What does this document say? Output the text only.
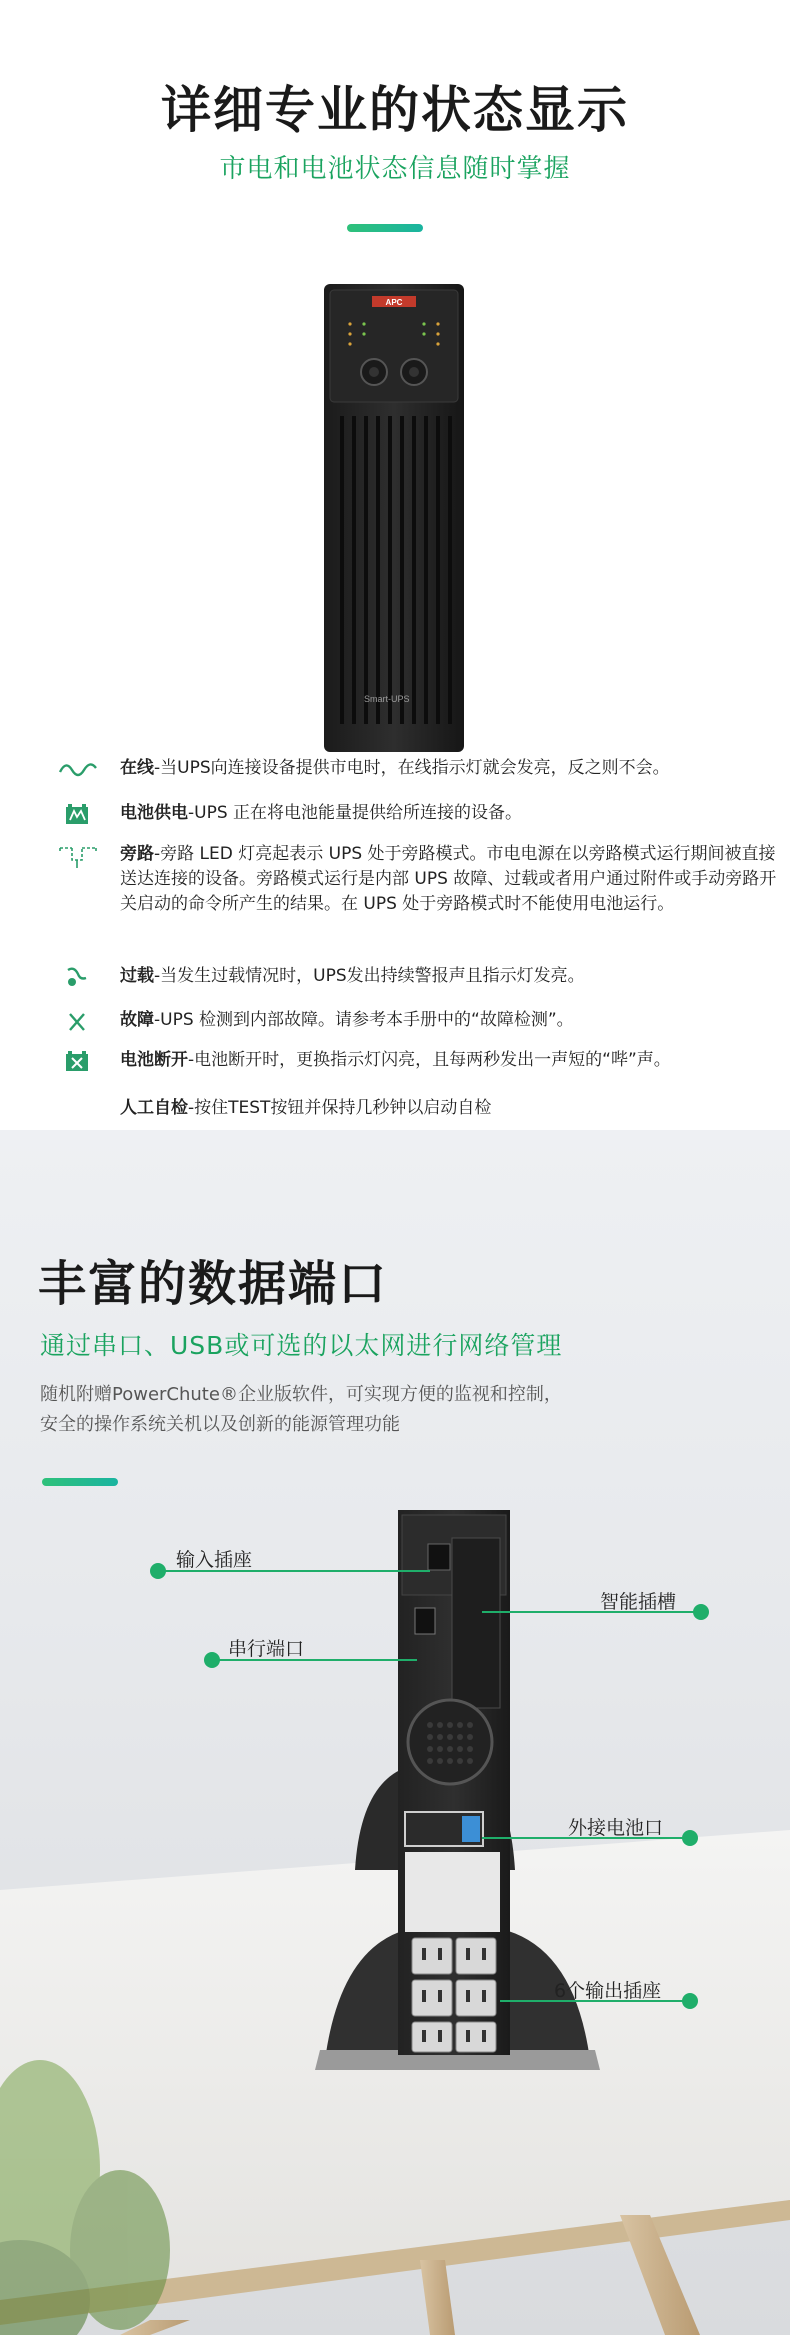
详细专业的状态显示
市电和电池状态信息随时掌握
APC
Smart-UPS
在线-当UPS向连接设备提供市电时，在线指示灯就会发亮，反之则不会。
电池供电-UPS 正在将电池能量提供给所连接的设备。
旁路-旁路 LED 灯亮起表示 UPS 处于旁路模式。市电电源在以旁路模式运行期间被直接送达连接的设备。旁路模式运行是内部 UPS 故障、过载或者用户通过附件或手动旁路开关启动的命令所产生的结果。在 UPS 处于旁路模式时不能使用电池运行。
过载-当发生过载情况时，UPS发出持续警报声且指示灯发亮。
故障-UPS 检测到内部故障。请参考本手册中的“故障检测”。
电池断开-电池断开时，更换指示灯闪亮，且每两秒发出一声短的“哔”声。
人工自检-按住TEST按钮并保持几秒钟以启动自检
丰富的数据端口
通过串口、USB或可选的以太网进行网络管理
随机附赠PowerChute®企业版软件，可实现方便的监视和控制，
安全的操作系统关机以及创新的能源管理功能
输入插座
串行端口
智能插槽
外接电池口
6个输出插座
